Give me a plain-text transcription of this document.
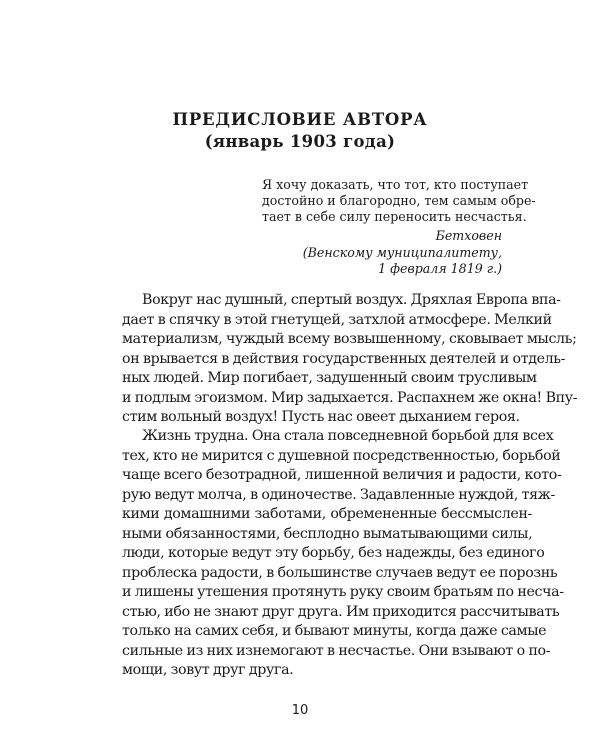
ПРЕДИСЛОВИЕ АВТОРА
(январь 1903 года)
Я хочу доказать, что тот, кто поступает
достойно и благородно, тем самым обре-
тает в себе силу переносить несчастья.
Бетховен
(Венскому муниципалитету,
1 февраля 1819 г.)
Вокруг нас душный, спертый воздух. Дряхлая Европа впа-
дает в спячку в этой гнетущей, затхлой атмосфере. Мелкий
материализм, чуждый всему возвышенному, сковывает мысль;
он врывается в действия государственных деятелей и отдель-
ных людей. Мир погибает, задушенный своим трусливым
и подлым эгоизмом. Мир задыхается. Распахнем же окна! Впу-
стим вольный воздух! Пусть нас овеет дыханием героя.
Жизнь трудна. Она стала повседневной борьбой для всех
тех, кто не мирится с душевной посредственностью, борьбой
чаще всего безотрадной, лишенной величия и радости, кото-
рую ведут молча, в одиночестве. Задавленные нуждой, тяж-
кими домашними заботами, обремененные бессмыслен-
ными обязанностями, бесплодно выматывающими силы,
люди, которые ведут эту борьбу, без надежды, без единого
проблеска радости, в большинстве случаев ведут ее порознь
и лишены утешения протянуть руку своим братьям по несча-
стью, ибо не знают друг друга. Им приходится рассчитывать
только на самих себя, и бывают минуты, когда даже самые
сильные из них изнемогают в несчастье. Они взывают о по-
мощи, зовут друг друга.
10
